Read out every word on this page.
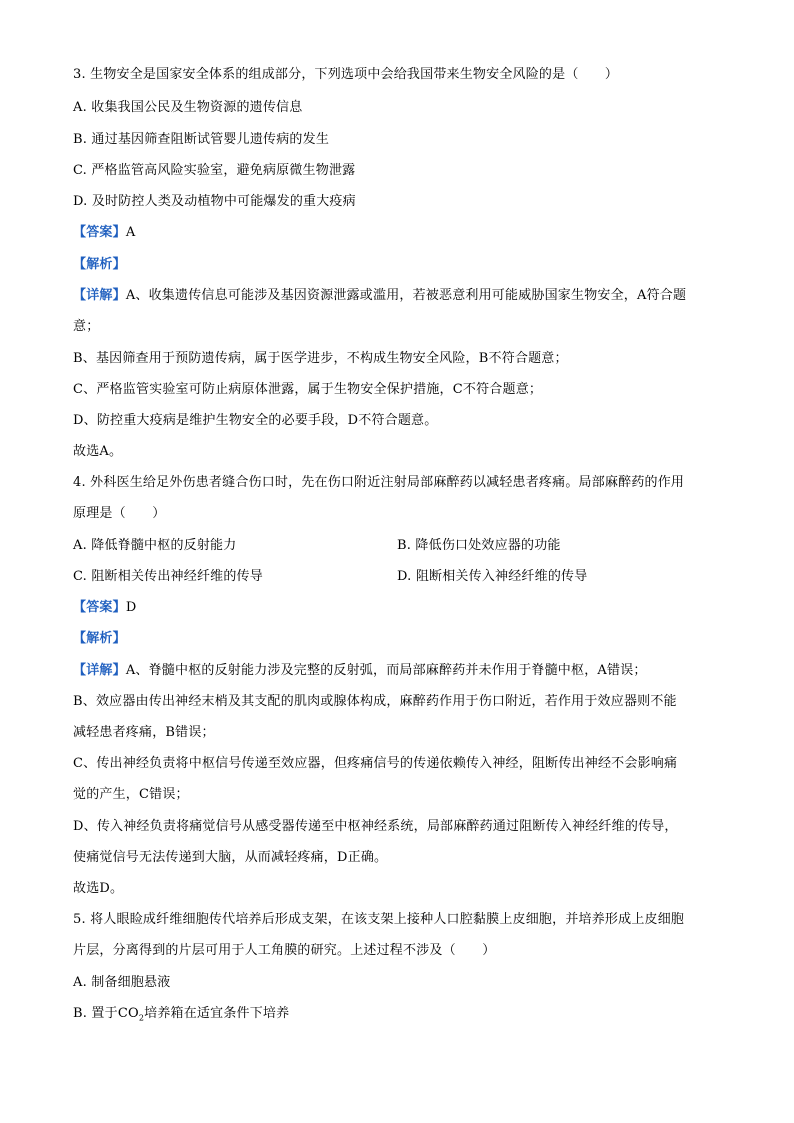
3. 生物安全是国家安全体系的组成部分，下列选项中会给我国带来生物安全风险的是（　　）
A. 收集我国公民及生物资源的遗传信息
B. 通过基因筛查阻断试管婴儿遗传病的发生
C. 严格监管高风险实验室，避免病原微生物泄露
D. 及时防控人类及动植物中可能爆发的重大疫病
【答案】A
【解析】
【详解】A、收集遗传信息可能涉及基因资源泄露或滥用，若被恶意利用可能威胁国家生物安全，A符合题
意；
B、基因筛查用于预防遗传病，属于医学进步，不构成生物安全风险，B不符合题意；
C、严格监管实验室可防止病原体泄露，属于生物安全保护措施，C不符合题意；
D、防控重大疫病是维护生物安全的必要手段，D不符合题意。
故选A。
4. 外科医生给足外伤患者缝合伤口时，先在伤口附近注射局部麻醉药以减轻患者疼痛。局部麻醉药的作用
原理是（　　）
A. 降低脊髓中枢的反射能力	B. 降低伤口处效应器的功能
C. 阻断相关传出神经纤维的传导	D. 阻断相关传入神经纤维的传导
【答案】D
【解析】
【详解】A、脊髓中枢的反射能力涉及完整的反射弧，而局部麻醉药并未作用于脊髓中枢，A错误；
B、效应器由传出神经末梢及其支配的肌肉或腺体构成，麻醉药作用于伤口附近，若作用于效应器则不能
减轻患者疼痛，B错误；
C、传出神经负责将中枢信号传递至效应器，但疼痛信号的传递依赖传入神经，阻断传出神经不会影响痛
觉的产生，C错误；
D、传入神经负责将痛觉信号从感受器传递至中枢神经系统，局部麻醉药通过阻断传入神经纤维的传导，
使痛觉信号无法传递到大脑，从而减轻疼痛，D正确。
故选D。
5. 将人眼睑成纤维细胞传代培养后形成支架，在该支架上接种人口腔黏膜上皮细胞，并培养形成上皮细胞
片层，分离得到的片层可用于人工角膜的研究。上述过程不涉及（　　）
A. 制备细胞悬液
B. 置于$CO_2$培养箱在适宜条件下培养
